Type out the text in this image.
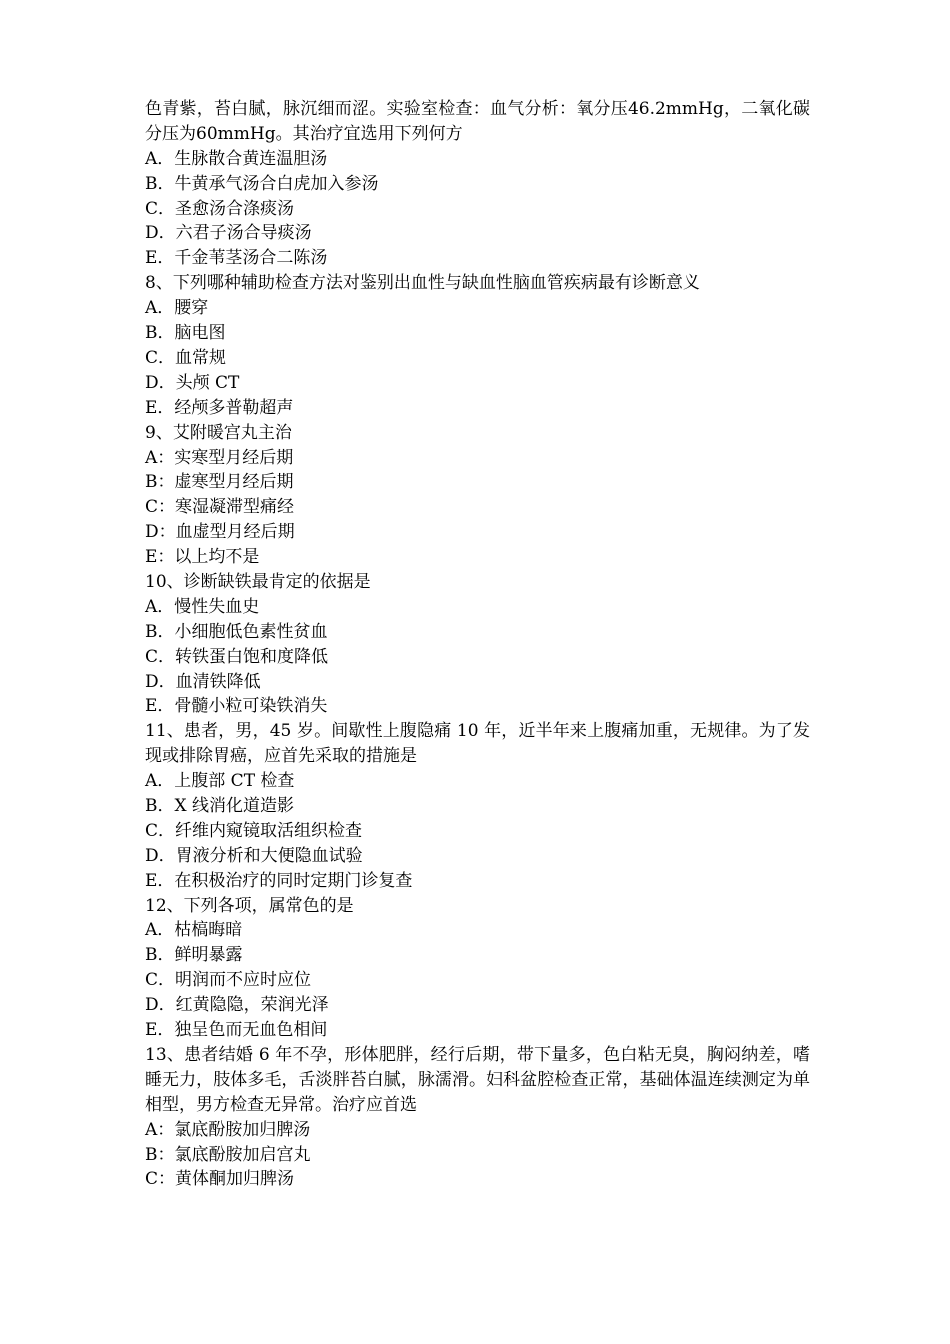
色青紫，苔白腻，脉沉细而涩。实验室检查：血气分析：氧分压46.2mmHg，二氧化碳分压为60mmHg。其治疗宜选用下列何方
A．生脉散合黄连温胆汤
B．牛黄承气汤合白虎加入参汤
C．圣愈汤合涤痰汤
D．六君子汤合导痰汤
E．千金苇茎汤合二陈汤
8、下列哪种辅助检查方法对鉴别出血性与缺血性脑血管疾病最有诊断意义
A．腰穿
B．脑电图
C．血常规
D．头颅 CT
E．经颅多普勒超声
9、艾附暖宫丸主治
A：实寒型月经后期
B：虚寒型月经后期
C：寒湿凝滞型痛经
D：血虚型月经后期
E：以上均不是
10、诊断缺铁最肯定的依据是
A．慢性失血史
B．小细胞低色素性贫血
C．转铁蛋白饱和度降低
D．血清铁降低
E．骨髓小粒可染铁消失
11、患者，男，45 岁。间歇性上腹隐痛 10 年，近半年来上腹痛加重，无规律。为了发现或排除胃癌，应首先采取的措施是
A．上腹部 CT 检查
B．X 线消化道造影
C．纤维内窥镜取活组织检查
D．胃液分析和大便隐血试验
E．在积极治疗的同时定期门诊复查
12、下列各项，属常色的是
A．枯槁晦暗
B．鲜明暴露
C．明润而不应时应位
D．红黄隐隐，荣润光泽
E．独呈色而无血色相间
13、患者结婚 6 年不孕，形体肥胖，经行后期，带下量多，色白粘无臭，胸闷纳差，嗜睡无力，肢体多毛，舌淡胖苔白腻，脉濡滑。妇科盆腔检查正常，基础体温连续测定为单相型，男方检查无异常。治疗应首选
A：氯底酚胺加归脾汤
B：氯底酚胺加启宫丸
C：黄体酮加归脾汤
